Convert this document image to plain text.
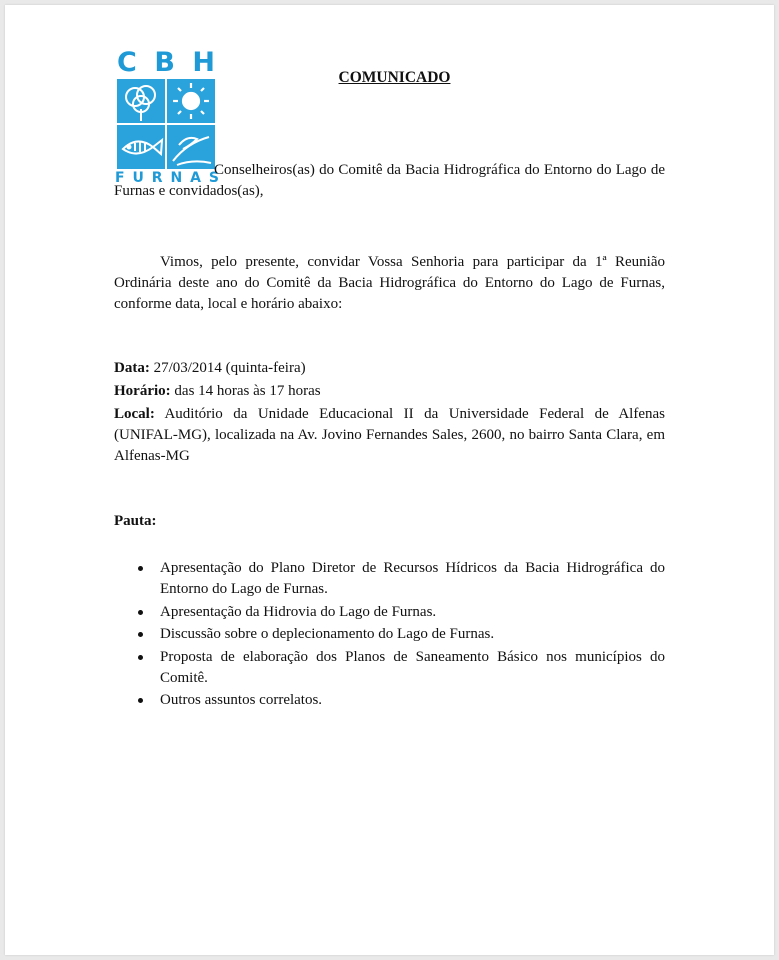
C B H
F U R N A S
COMUNICADO
Conselheiros(as) do Comitê da Bacia Hidrográfica do Entorno do Lago de Furnas e convidados(as),
Vimos, pelo presente, convidar Vossa Senhoria para participar da 1ª Reunião Ordinária deste ano do Comitê da Bacia Hidrográfica do Entorno do Lago de Furnas, conforme data, local e horário abaixo:
Data: 27/03/2014 (quinta-feira)
Horário: das 14 horas às 17 horas
Local: Auditório da Unidade Educacional II da Universidade Federal de Alfenas (UNIFAL-MG), localizada na Av. Jovino Fernandes Sales, 2600, no bairro Santa Clara, em Alfenas-MG
Pauta:
Apresentação do Plano Diretor de Recursos Hídricos da Bacia Hidrográfica do Entorno do Lago de Furnas.
Apresentação da Hidrovia do Lago de Furnas.
Discussão sobre o deplecionamento do Lago de Furnas.
Proposta de elaboração dos Planos de Saneamento Básico nos municípios do Comitê.
Outros assuntos correlatos.
